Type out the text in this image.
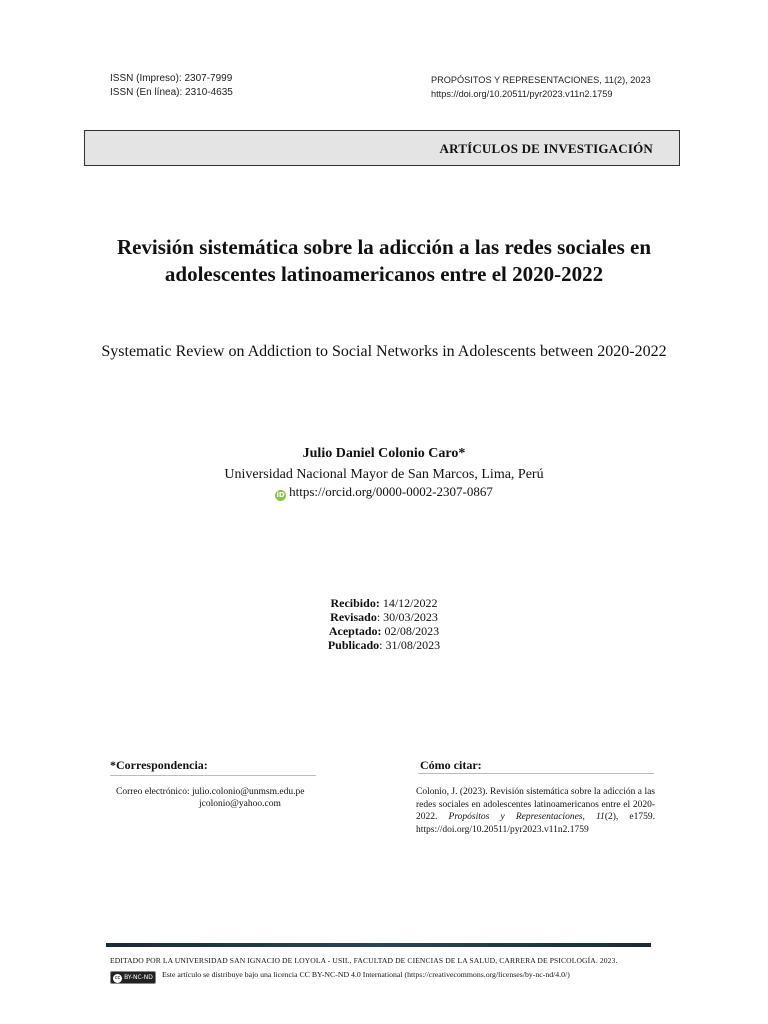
ISSN (Impreso): 2307-7999
ISSN (En línea): 2310-4635
PROPÓSITOS Y REPRESENTACIONES, 11(2), 2023
https://doi.org/10.20511/pyr2023.v11n2.1759
ARTÍCULOS DE INVESTIGACIÓN
Revisión sistemática sobre la adicción a las redes sociales en adolescentes latinoamericanos entre el 2020-2022
Systematic Review on Addiction to Social Networks in Adolescents between 2020-2022
Julio Daniel Colonio Caro*
Universidad Nacional Mayor de San Marcos, Lima, Perú
iD https://orcid.org/0000-0002-2307-0867
Recibido: 14/12/2022
Revisado: 30/03/2023
Aceptado: 02/08/2023
Publicado: 31/08/2023
*Correspondencia:
Correo electrónico: julio.colonio@unmsm.edu.pe
jcolonio@yahoo.com
Cómo citar:
Colonio, J. (2023). Revisión sistemática sobre la adicción a las redes sociales en adolescentes latinoamericanos entre el 2020-2022. Propósitos y Representaciones, 11(2), e1759. https://doi.org/10.20511/pyr2023.v11n2.1759
EDITADO POR LA UNIVERSIDAD SAN IGNACIO DE LOYOLA - USIL, FACULTAD DE CIENCIAS DE LA SALUD, CARRERA DE PSICOLOGÍA. 2023.
cc BY-NC-ND Este artículo se distribuye bajo una licencia CC BY-NC-ND 4.0 International (https://creativecommons.org/licenses/by-nc-nd/4.0/)
